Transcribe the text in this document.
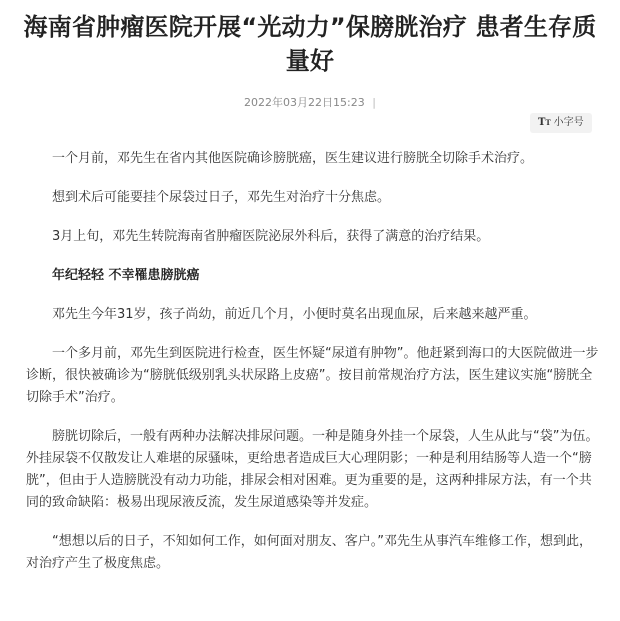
海南省肿瘤医院开展“光动力”保膀胱治疗 患者生存质量好
2022年03月22日15:23 |
TT 小字号

一个月前，邓先生在省内其他医院确诊膀胱癌，医生建议进行膀胱全切除手术治疗。

想到术后可能要挂个尿袋过日子，邓先生对治疗十分焦虑。

3月上旬，邓先生转院海南省肿瘤医院泌尿外科后，获得了满意的治疗结果。

年纪轻轻 不幸罹患膀胱癌

邓先生今年31岁，孩子尚幼，前近几个月，小便时莫名出现血尿，后来越来越严重。

一个多月前，邓先生到医院进行检查，医生怀疑“尿道有肿物”。他赶紧到海口的大医院做进一步诊断，很快被确诊为“膀胱低级别乳头状尿路上皮癌”。按目前常规治疗方法，医生建议实施“膀胱全切除手术”治疗。

膀胱切除后，一般有两种办法解决排尿问题。一种是随身外挂一个尿袋，人生从此与“袋”为伍。外挂尿袋不仅散发让人难堪的尿骚味，更给患者造成巨大心理阴影；一种是利用结肠等人造一个“膀胱”，但由于人造膀胱没有动力功能，排尿会相对困难。更为重要的是，这两种排尿方法，有一个共同的致命缺陷：极易出现尿液反流，发生尿道感染等并发症。

“想想以后的日子，不知如何工作，如何面对朋友、客户。”邓先生从事汽车维修工作，想到此，对治疗产生了极度焦虑。
